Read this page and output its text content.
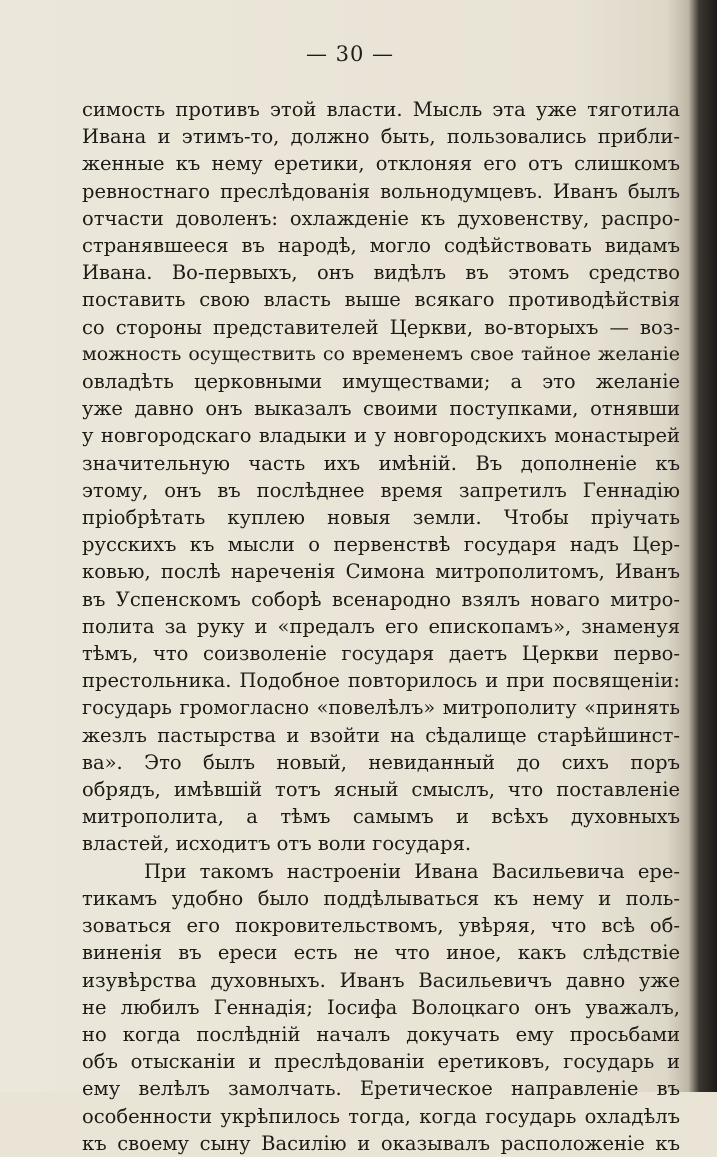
— 30 —
симость противъ этой власти. Мысль эта уже тяготила
Ивана и этимъ-то, должно быть, пользовались прибли-
женные къ нему еретики, отклоняя его отъ слишкомъ
ревностнаго преслѣдованія вольнодумцевъ. Иванъ былъ
отчасти доволенъ: охлажденіе къ духовенству, распро-
странявшееся въ народѣ, могло содѣйствовать видамъ
Ивана. Во-первыхъ, онъ видѣлъ въ этомъ средство
поставить свою власть выше всякаго противодѣйствія
со стороны представителей Церкви, во-вторыхъ — воз-
можность осуществить со временемъ свое тайное желаніе
овладѣть церковными имуществами; а это желаніе
уже давно онъ выказалъ своими поступками, отнявши
у новгородскаго владыки и у новгородскихъ монастырей
значительную часть ихъ имѣній. Въ дополненіе къ
этому, онъ въ послѣднее время запретилъ Геннадію
пріобрѣтать куплею новыя земли. Чтобы пріучать
русскихъ къ мысли о первенствѣ государя надъ Цер-
ковью, послѣ нареченія Симона митрополитомъ, Иванъ
въ Успенскомъ соборѣ всенародно взялъ новаго митро-
полита за руку и «предалъ его епископамъ», знаменуя
тѣмъ, что соизволеніе государя даетъ Церкви перво-
престольника. Подобное повторилось и при посвященіи:
государь громогласно «повелѣлъ» митрополиту «принять
жезлъ пастырства и взойти на сѣдалище старѣйшинст-
ва». Это былъ новый, невиданный до сихъ поръ
обрядъ, имѣвшій тотъ ясный смыслъ, что поставленіе
митрополита, а тѣмъ самымъ и всѣхъ духовныхъ
властей, исходитъ отъ воли государя.
При такомъ настроеніи Ивана Васильевича ере-
тикамъ удобно было поддѣлываться къ нему и поль-
зоваться его покровительствомъ, увѣряя, что всѣ об-
виненія въ ереси есть не что иное, какъ слѣдствіе
изувѣрства духовныхъ. Иванъ Васильевичъ давно уже
не любилъ Геннадія; Іосифа Волоцкаго онъ уважалъ,
но когда послѣдній началъ докучать ему просьбами
объ отысканіи и преслѣдованіи еретиковъ, государь и
ему велѣлъ замолчать. Еретическое направленіе въ
особенности укрѣпилось тогда, когда государь охладѣлъ
къ своему сыну Василію и оказывалъ расположеніе къ
